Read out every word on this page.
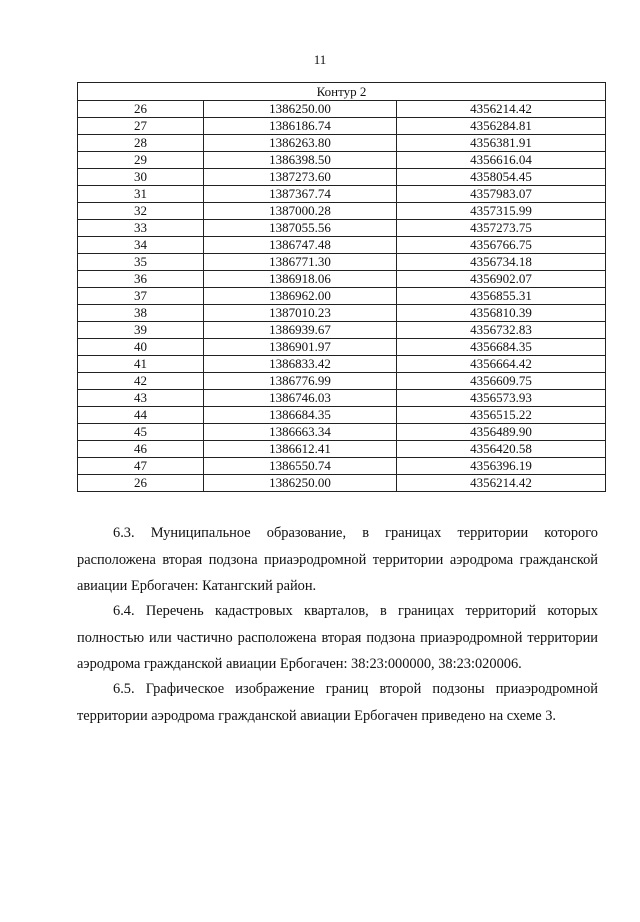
11
Контур 2		
26	1386250.00	4356214.42
27	1386186.74	4356284.81
28	1386263.80	4356381.91
29	1386398.50	4356616.04
30	1387273.60	4358054.45
31	1387367.74	4357983.07
32	1387000.28	4357315.99
33	1387055.56	4357273.75
34	1386747.48	4356766.75
35	1386771.30	4356734.18
36	1386918.06	4356902.07
37	1386962.00	4356855.31
38	1387010.23	4356810.39
39	1386939.67	4356732.83
40	1386901.97	4356684.35
41	1386833.42	4356664.42
42	1386776.99	4356609.75
43	1386746.03	4356573.93
44	1386684.35	4356515.22
45	1386663.34	4356489.90
46	1386612.41	4356420.58
47	1386550.74	4356396.19
26	1386250.00	4356214.42

6.3. Муниципальное образование, в границах территории которого расположена вторая подзона приаэродромной территории аэродрома гражданской авиации Ербогачен: Катангский район.

6.4. Перечень кадастровых кварталов, в границах территорий которых полностью или частично расположена вторая подзона приаэродромной территории аэродрома гражданской авиации Ербогачен: 38:23:000000, 38:23:020006.

6.5. Графическое изображение границ второй подзоны приаэродромной территории аэродрома гражданской авиации Ербогачен приведено на схеме 3.
